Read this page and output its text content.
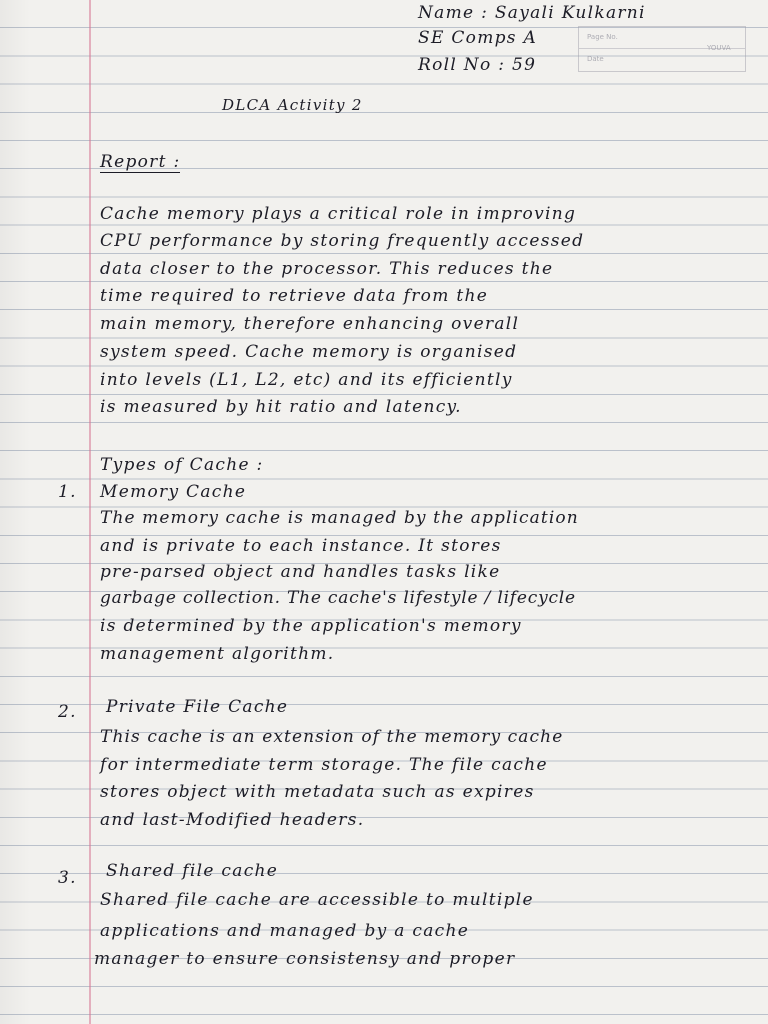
Page No.
Date
YOUVA
Name : Sayali Kulkarni
SE Comps A
Roll No : 59
DLCA Activity 2
Report :
Cache memory plays a critical role in improving
CPU performance by storing frequently accessed
data closer to the processor. This reduces the
time required to retrieve data from the
main memory, therefore enhancing overall
system speed. Cache memory is organised
into levels (L1, L2, etc) and its efficiently
is measured by hit ratio and latency.
Types of Cache :
1. Memory Cache
The memory cache is managed by the application
and is private to each instance. It stores
pre-parsed object and handles tasks like
garbage collection. The cache's lifestyle / lifecycle
is determined by the application's memory
management algorithm.
2. Private File Cache
This cache is an extension of the memory cache
for intermediate term storage. The file cache
stores object with metadata such as expires
and last-Modified headers.
3. Shared file cache
Shared file cache are accessible to multiple
applications and managed by a cache
manager to ensure consistensy and proper
